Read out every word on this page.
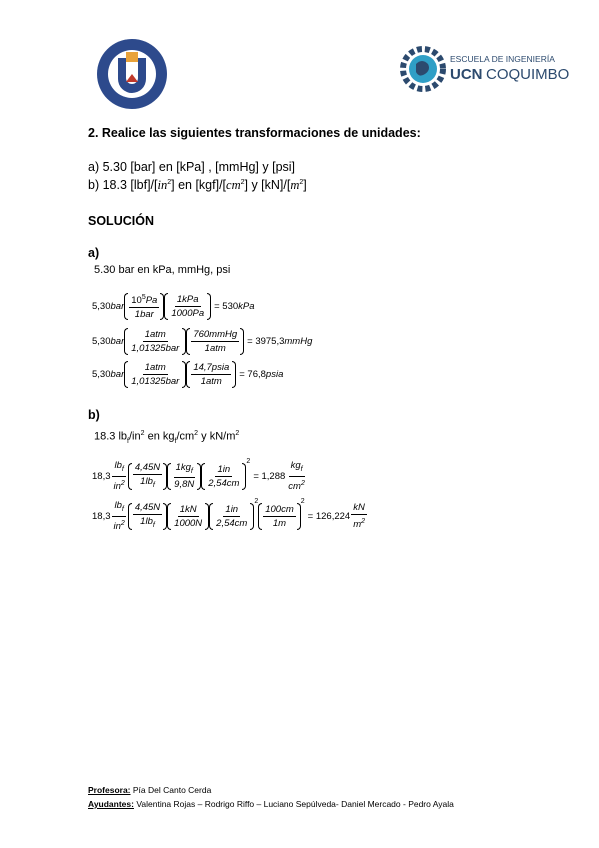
ESCUELA DE INGENIERÍA
UCN COQUIMBO
2. Realice las siguientes transformaciones de unidades:
a) 5.30 [bar] en [kPa] , [mmHg] y [psi]
b) 18.3 $[lbf]/[in^2]$ en $[kgf]/[cm^2]$ y $[kN]/[m^2]$
SOLUCIÓN
a)
5.30 bar en kPa, mmHg, psi
5,30 bar $\frac{10^5Pa}{\text{1bar}} \frac{\text{1kPa}}{1000Pa} = 530$ kPa
5,30 bar $\frac{\text{1atm}}{\text{1,01325bar}} \frac{\text{760mmHg}}{\text{1atm}} = 3975,3$ mmHg
5,30 bar $\frac{\text{1atm}}{\text{1,01325bar}} \frac{\text{14,7psia}}{\text{1atm}} = 76,8$ psia
b)
18.3 $lb_f/in^2$ en $kg_f/cm^2$ y $kN/m^2$
$18,3 \frac{lb_f}{in^2} \frac{4,45N}{1lb_f} \frac{1kg_f}{9,8N} \frac{1in}{2,54cm}$
2
= $1,288 \frac{kg_f}{cm^2}$
$18,3 \frac{lb_f}{in^2} \frac{4,45N}{1lb_f} \frac{1kN}{1000N} \frac{1in}{2,54cm}$
2
$\frac{100cm}{1m}$
2
= $126,224 \frac{kN}{m^2}$
Profesora: Pía Del Canto Cerda
Ayudantes: Valentina Rojas – Rodrigo Riffo – Luciano Sepúlveda- Daniel Mercado - Pedro Ayala
